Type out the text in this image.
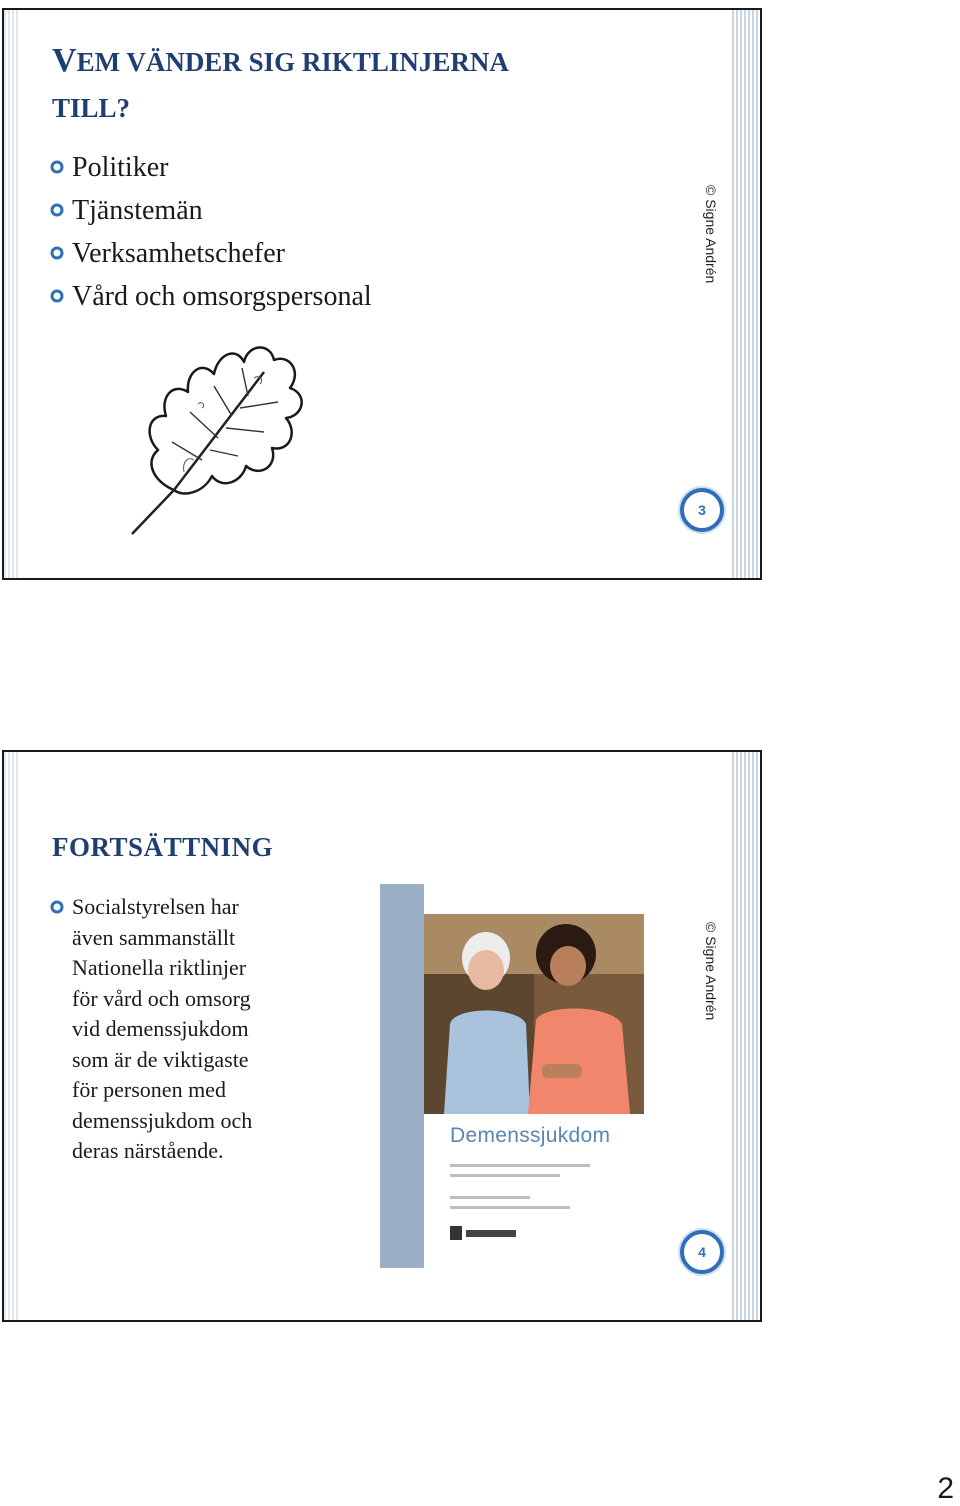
VEM VÄNDER SIG RIKTLINJERNA
TILL?
Politiker
Tjänstemän
Verksamhetschefer
Vård och omsorgspersonal
© Signe Andrén
3
FORTSÄTTNING
Socialstyrelsen har
även sammanställt
Nationella riktlinjer
för vård och omsorg
vid demenssjukdom
som är de viktigaste
för personen med
demenssjukdom och
deras närstående.
Demenssjukdom
© Signe Andrén
4
2
